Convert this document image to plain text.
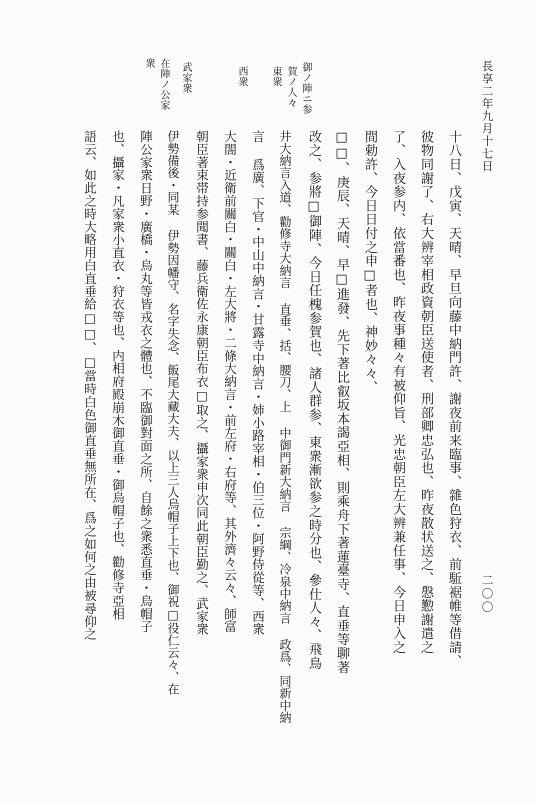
長享二年九月十七日
二〇〇
御ノ陣ニ参
賀ノ人々
東衆
西衆
武家衆
在陣ノ公家
衆
十八日、戊寅、天晴、早旦向藤中納門許、謝夜前来臨事、雜色狩衣、前駈裾帷等借請、
彼物同謝了、右大辨宰相政資朝臣送使者、刑部卿忠弘也、昨夜散状送之、慇懃謝遣之
了、入夜参内、依當番也、昨夜事種々有被仰旨、光忠朝臣左大辨兼任事、今日申入之
間勅許、今日日付之申□者也、神妙々々、
□□、庚辰、天晴、早□進發、先下著比叡坂本謁亞相、則乘舟下著蓮臺寺、直垂等聊著
改之、参將□御陣、今日任槐参賀也、諸人群参、東衆漸欲参之時分也、參仕人々、飛鳥
井大納言入道、勸修寺大納言 直垂、括、腰刀、上 中御門新大納言 宗綱、冷泉中納言 政爲、同新中納
言 爲廣、下官・中山中納言・甘露寺中納言・姉小路宰相・伯三位・阿野侍從等、西衆
大閤・近衛前關白・關白・左大將・二條大納言・前左府・右府等、其外濟々云々、師富
朝臣著束帯持参聞書、藤兵衛佐永康朝臣布衣□取之、攝家衆申次同此朝臣勤之、武家衆
伊勢備後・同某 伊勢因幡守、名字失念、飯尾大藏大夫、以上三人烏帽子上下也、御祝□役仁云々、在
陣公家衆日野・廣橋・烏丸等皆戎衣之體也、不臨御對面之所、自餘之衆悉直垂・烏帽子
也、攝家・凡家衆小直衣・狩衣等也、内相府殿崩木御直垂・御烏帽子也、勸修寺亞相
語云、如此之時大略用白直垂給□□、□當時白色御直垂無所在、爲之如何之由被尋仰之
